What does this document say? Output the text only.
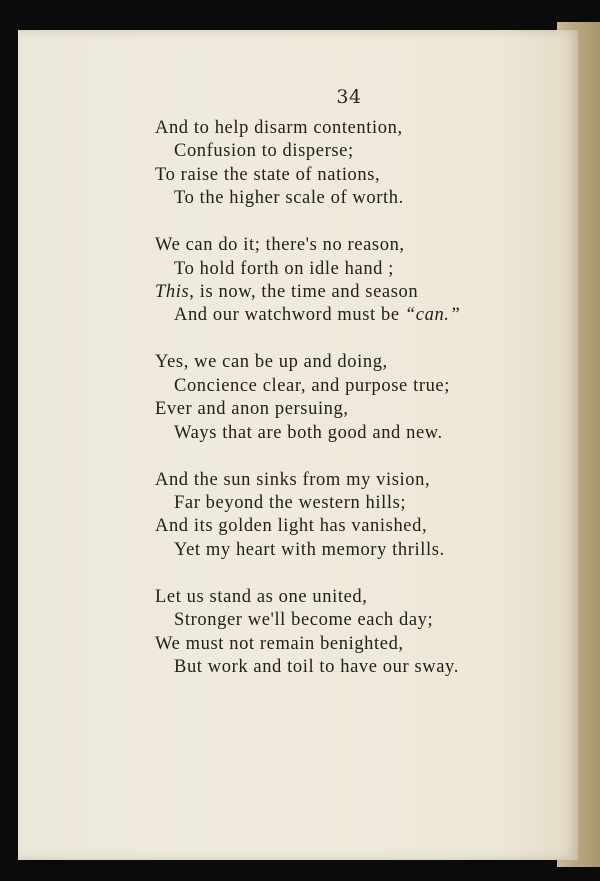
34
And to help disarm contention,
Confusion to disperse;
To raise the state of nations,
To the higher scale of worth.
We can do it; there's no reason,
To hold forth on idle hand ;
This, is now, the time and season
And our watchword must be “can.”
Yes, we can be up and doing,
Concience clear, and purpose true;
Ever and anon persuing,
Ways that are both good and new.
And the sun sinks from my vision,
Far beyond the western hills;
And its golden light has vanished,
Yet my heart with memory thrills.
Let us stand as one united,
Stronger we'll become each day;
We must not remain benighted,
But work and toil to have our sway.
